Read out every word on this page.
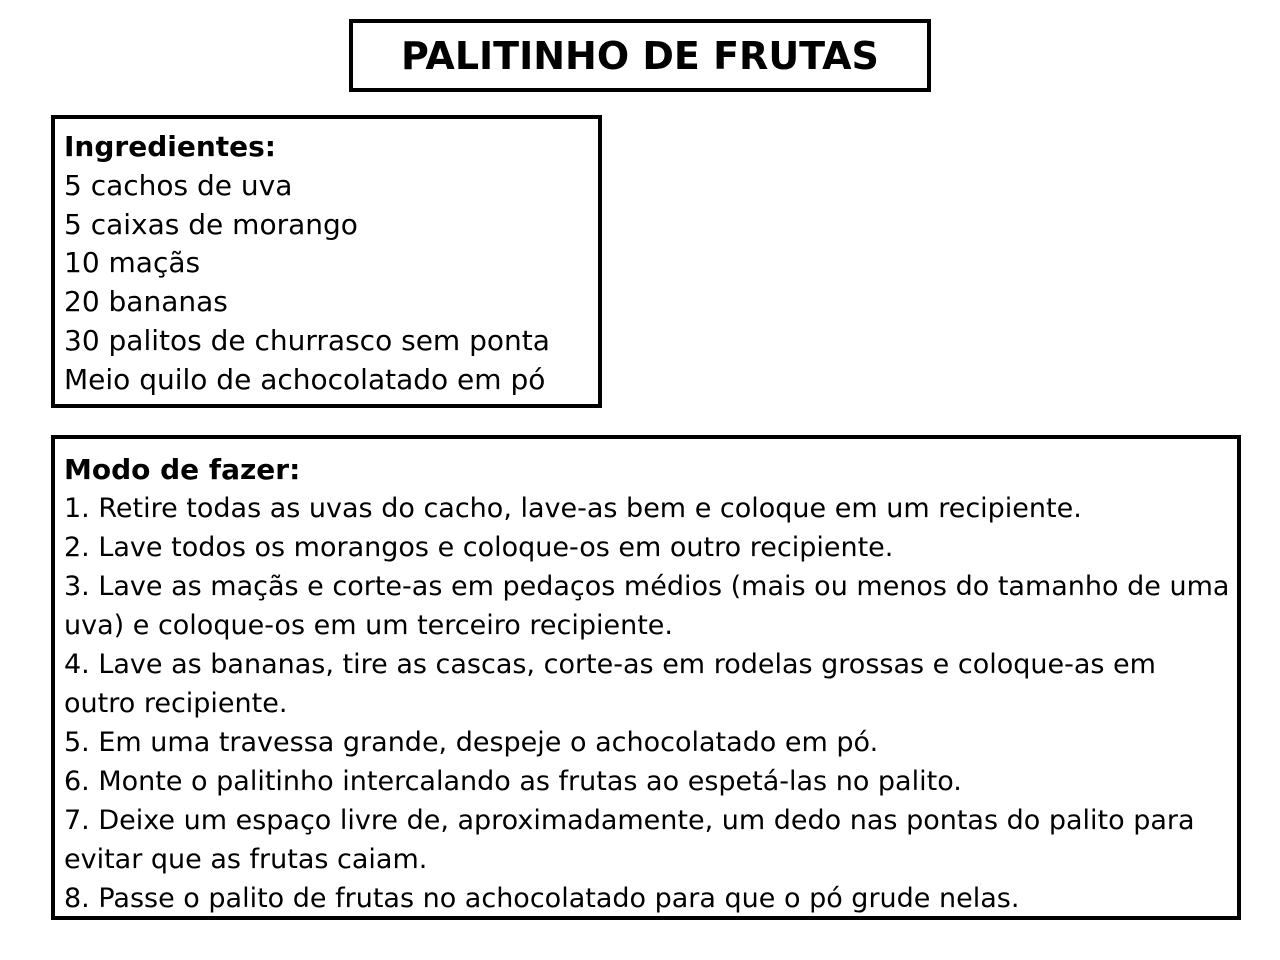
PALITINHO DE FRUTAS
Ingredientes:
5 cachos de uva
5 caixas de morango
10 maçãs
20 bananas
30 palitos de churrasco sem ponta
Meio quilo de achocolatado em pó
Modo de fazer:
1. Retire todas as uvas do cacho, lave-as bem e coloque em um recipiente.
2. Lave todos os morangos e coloque-os em outro recipiente.
3. Lave as maçãs e corte-as em pedaços médios (mais ou menos do tamanho de uma uva) e coloque-os em um terceiro recipiente.
4. Lave as bananas, tire as cascas, corte-as em rodelas grossas e coloque-as em outro recipiente.
5. Em uma travessa grande, despeje o achocolatado em pó.
6. Monte o palitinho intercalando as frutas ao espetá-las no palito.
7. Deixe um espaço livre de, aproximadamente, um dedo nas pontas do palito para evitar que as frutas caiam.
8. Passe o palito de frutas no achocolatado para que o pó grude nelas.
